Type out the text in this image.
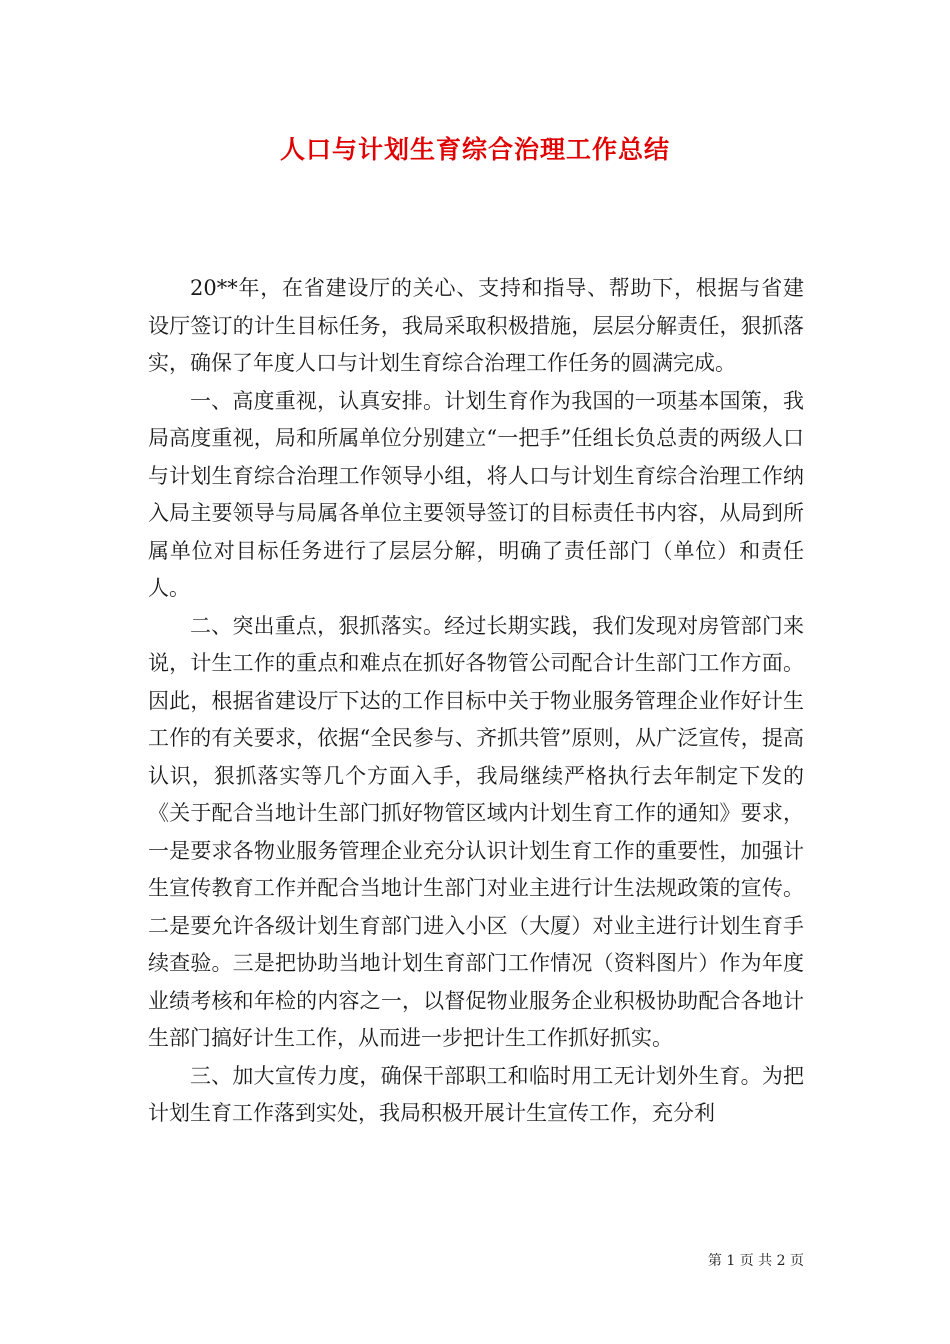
人口与计划生育综合治理工作总结

20**年，在省建设厅的关心、支持和指导、帮助下，根据与省建设厅签订的计生目标任务，我局采取积极措施，层层分解责任，狠抓落实，确保了年度人口与计划生育综合治理工作任务的圆满完成。

一、高度重视，认真安排。计划生育作为我国的一项基本国策，我局高度重视，局和所属单位分别建立“一把手”任组长负总责的两级人口与计划生育综合治理工作领导小组，将人口与计划生育综合治理工作纳入局主要领导与局属各单位主要领导签订的目标责任书内容，从局到所属单位对目标任务进行了层层分解，明确了责任部门（单位）和责任人。

二、突出重点，狠抓落实。经过长期实践，我们发现对房管部门来说，计生工作的重点和难点在抓好各物管公司配合计生部门工作方面。因此，根据省建设厅下达的工作目标中关于物业服务管理企业作好计生工作的有关要求，依据“全民参与、齐抓共管”原则，从广泛宣传，提高认识，狠抓落实等几个方面入手，我局继续严格执行去年制定下发的《关于配合当地计生部门抓好物管区域内计划生育工作的通知》要求，一是要求各物业服务管理企业充分认识计划生育工作的重要性，加强计生宣传教育工作并配合当地计生部门对业主进行计生法规政策的宣传。二是要允许各级计划生育部门进入小区（大厦）对业主进行计划生育手续查验。三是把协助当地计划生育部门工作情况（资料图片）作为年度业绩考核和年检的内容之一，以督促物业服务企业积极协助配合各地计生部门搞好计生工作，从而进一步把计生工作抓好抓实。

三、加大宣传力度，确保干部职工和临时用工无计划外生育。为把计划生育工作落到实处，我局积极开展计生宣传工作，充分利

第 1 页 共 2 页
